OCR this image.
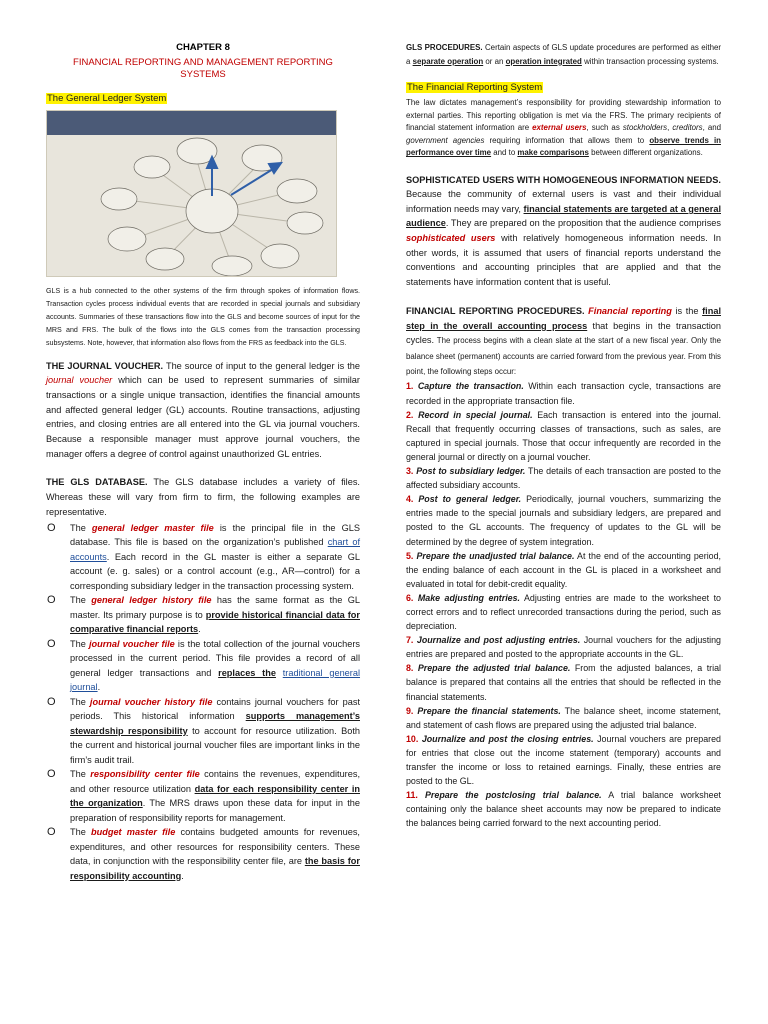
CHAPTER 8
FINANCIAL REPORTING AND MANAGEMENT REPORTING
SYSTEMS
The General Ledger System

GLS is a hub connected to the other systems of the firm through spokes of information flows. Transaction cycles process individual events that are recorded in special journals and subsidiary accounts. Summaries of these transactions flow into the GLS and become sources of input for the MRS and FRS. The bulk of the flows into the GLS comes from the transaction processing subsystems. Note, however, that information also flows from the FRS as feedback into the GLS.

THE JOURNAL VOUCHER. The source of input to the general ledger is the journal voucher which can be used to represent summaries of similar transactions or a single unique transaction, identifies the financial amounts and affected general ledger (GL) accounts. Routine transactions, adjusting entries, and closing entries are all entered into the GL via journal vouchers. Because a responsible manager must approve journal vouchers, the manager offers a degree of control against unauthorized GL entries.

THE GLS DATABASE. The GLS database includes a variety of files. Whereas these will vary from firm to firm, the following examples are representative.

O The general ledger master file is the principal file in the GLS database. This file is based on the organization’s published chart of accounts. Each record in the GL master is either a separate GL account (e. g. sales) or a control account (e.g., AR—control) for a corresponding subsidiary ledger in the transaction processing system.
O The general ledger history file has the same format as the GL master. Its primary purpose is to provide historical financial data for comparative financial reports.
O The journal voucher file is the total collection of the journal vouchers processed in the current period. This file provides a record of all general ledger transactions and replaces the traditional general journal.
O The journal voucher history file contains journal vouchers for past periods. This historical information supports management’s stewardship responsibility to account for resource utilization. Both the current and historical journal voucher files are important links in the firm’s audit trail.
O The responsibility center file contains the revenues, expenditures, and other resource utilization data for each responsibility center in the organization. The MRS draws upon these data for input in the preparation of responsibility reports for management.
O The budget master file contains budgeted amounts for revenues, expenditures, and other resources for responsibility centers. These data, in conjunction with the responsibility center file, are the basis for responsibility accounting.

GLS PROCEDURES. Certain aspects of GLS update procedures are performed as either a separate operation or an operation integrated within transaction processing systems.

The Financial Reporting System

The law dictates management’s responsibility for providing stewardship information to external parties. This reporting obligation is met via the FRS. The primary recipients of financial statement information are external users, such as stockholders, creditors, and government agencies requiring information that allows them to observe trends in performance over time and to make comparisons between different organizations.

SOPHISTICATED USERS WITH HOMOGENEOUS INFORMATION NEEDS. Because the community of external users is vast and their individual information needs may vary, financial statements are targeted at a general audience. They are prepared on the proposition that the audience comprises sophisticated users with relatively homogeneous information needs. In other words, it is assumed that users of financial reports understand the conventions and accounting principles that are applied and that the statements have information content that is useful.

FINANCIAL REPORTING PROCEDURES. Financial reporting is the final step in the overall accounting process that begins in the transaction cycles. The process begins with a clean slate at the start of a new fiscal year. Only the balance sheet (permanent) accounts are carried forward from the previous year. From this point, the following steps occur:

1. Capture the transaction. Within each transaction cycle, transactions are recorded in the appropriate transaction file.

2. Record in special journal. Each transaction is entered into the journal. Recall that frequently occurring classes of transactions, such as sales, are captured in special journals. Those that occur infrequently are recorded in the general journal or directly on a journal voucher.

3. Post to subsidiary ledger. The details of each transaction are posted to the affected subsidiary accounts.

4. Post to general ledger. Periodically, journal vouchers, summarizing the entries made to the special journals and subsidiary ledgers, are prepared and posted to the GL accounts. The frequency of updates to the GL will be determined by the degree of system integration.

5. Prepare the unadjusted trial balance. At the end of the accounting period, the ending balance of each account in the GL is placed in a worksheet and evaluated in total for debit-credit equality.

6. Make adjusting entries. Adjusting entries are made to the worksheet to correct errors and to reflect unrecorded transactions during the period, such as depreciation.

7. Journalize and post adjusting entries. Journal vouchers for the adjusting entries are prepared and posted to the appropriate accounts in the GL.

8. Prepare the adjusted trial balance. From the adjusted balances, a trial balance is prepared that contains all the entries that should be reflected in the financial statements.

9. Prepare the financial statements. The balance sheet, income statement, and statement of cash flows are prepared using the adjusted trial balance.

10. Journalize and post the closing entries. Journal vouchers are prepared for entries that close out the income statement (temporary) accounts and transfer the income or loss to retained earnings. Finally, these entries are posted to the GL.

11. Prepare the postclosing trial balance. A trial balance worksheet containing only the balance sheet accounts may now be prepared to indicate the balances being carried forward to the next accounting period.
